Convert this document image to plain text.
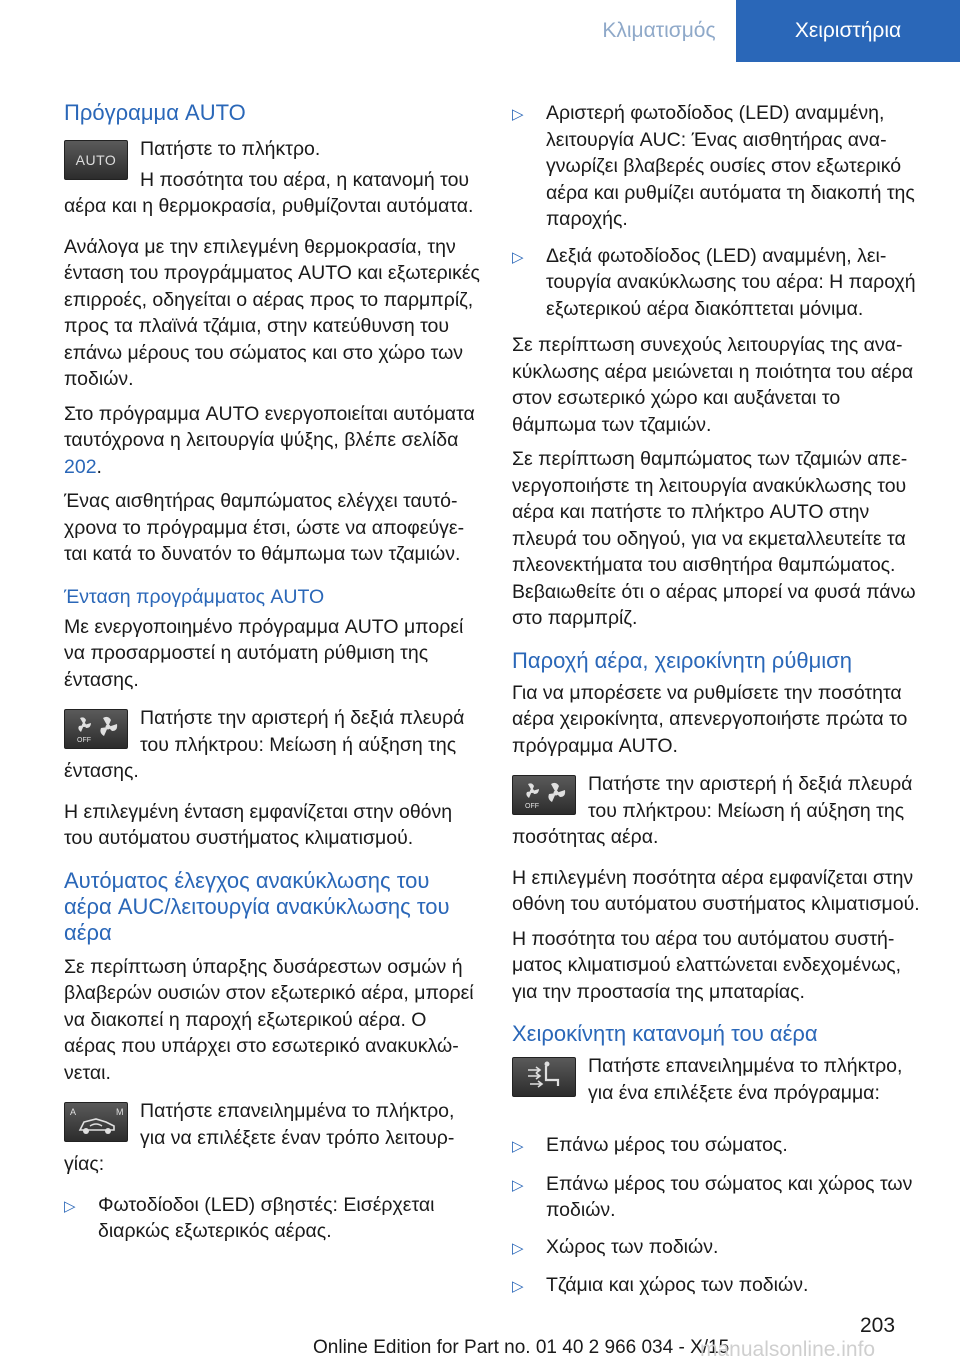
Κλιματισμός	Χειριστήρια
Πρόγραμμα AUTO
AUTO	Πατήστε το πλήκτρο.

Η ποσότητα του αέρα, η κατανομή του αέρα και η θερμοκρασία, ρυθμίζονται αυτόματα.

Ανάλογα με την επιλεγμένη θερμοκρασία, την ένταση του προγράμματος AUTO και εξωτερικές επιρροές, οδηγείται ο αέρας προς το παρμπρίζ, προς τα πλαϊνά τζάμια, στην κατεύθυνση του επάνω μέρους του σώματος και στο χώρο των ποδιών.

Στο πρόγραμμα AUTO ενεργοποιείται αυτόματα ταυτόχρονα η λειτουργία ψύξης, βλέπε σελίδα 202.

Ένας αισθητήρας θαμπώματος ελέγχει ταυτόχρονα το πρόγραμμα έτσι, ώστε να αποφεύγεται κατά το δυνατόν το θάμπωμα των τζαμιών.

Ένταση προγράμματος AUTO

Με ενεργοποιημένο πρόγραμμα AUTO μπορεί να προσαρμοστεί η αυτόματη ρύθμιση της έντασης.

OFF

Πατήστε την αριστερή ή δεξιά πλευρά του πλήκτρου: Μείωση ή αύξηση της έντασης.

Η επιλεγμένη ένταση εμφανίζεται στην οθόνη του αυτόματου συστήματος κλιματισμού.

Αυτόματος έλεγχος ανακύκλωσης του αέρα AUC/λειτουργία ανακύκλωσης του αέρα

Σε περίπτωση ύπαρξης δυσάρεστων οσμών ή βλαβερών ουσιών στον εξωτερικό αέρα, μπορεί να διακοπεί η παροχή εξωτερικού αέρα. Ο αέρας που υπάρχει στο εσωτερικό ανακυκλώνεται.

A	M Πατήστε επανειλημμένα το πλήκτρο, για να επιλέξετε έναν τρόπο λειτουργίας:

▷	Φωτοδίοδοι (LED) σβηστές: Εισέρχεται διαρκώς εξωτερικός αέρας.
▷	Αριστερή φωτοδίοδος (LED) αναμμένη, λειτουργία AUC: Ένας αισθητήρας αναγνωρίζει βλαβερές ουσίες στον εξωτερικό αέρα και ρυθμίζει αυτόματα τη διακοπή της παροχής.
▷	Δεξιά φωτοδίοδος (LED) αναμμένη, λειτουργία ανακύκλωσης του αέρα: Η παροχή εξωτερικού αέρα διακόπτεται μόνιμα.

Σε περίπτωση συνεχούς λειτουργίας της ανακύκλωσης αέρα μειώνεται η ποιότητα του αέρα στον εσωτερικό χώρο και αυξάνεται το θάμπωμα των τζαμιών.

Σε περίπτωση θαμπώματος των τζαμιών απενεργοποιήστε τη λειτουργία ανακύκλωσης του αέρα και πατήστε το πλήκτρο AUTO στην πλευρά του οδηγού, για να εκμεταλλευτείτε τα πλεονεκτήματα του αισθητήρα θαμπώματος. Βεβαιωθείτε ότι ο αέρας μπορεί να φυσά πάνω στο παρμπρίζ.

Παροχή αέρα, χειροκίνητη ρύθμιση

Για να μπορέσετε να ρυθμίσετε την ποσότητα αέρα χειροκίνητα, απενεργοποιήστε πρώτα το πρόγραμμα AUTO.

OFF

Πατήστε την αριστερή ή δεξιά πλευρά του πλήκτρου: Μείωση ή αύξηση της ποσότητας αέρα.

Η επιλεγμένη ποσότητα αέρα εμφανίζεται στην οθόνη του αυτόματου συστήματος κλιματισμού.

Η ποσότητα του αέρα του αυτόματου συστήματος κλιματισμού ελαττώνεται ενδεχομένως, για την προστασία της μπαταρίας.

Χειροκίνητη κατανομή του αέρα

Πατήστε επανειλημμένα το πλήκτρο, για ένα επιλέξετε ένα πρόγραμμα:

▷	Επάνω μέρος του σώματος.
▷	Επάνω μέρος του σώματος και χώρος των ποδιών.
▷	Χώρος των ποδιών.
▷	Τζάμια και χώρος των ποδιών.
203
Online Edition for Part no. 01 40 2 966 034 - X/15
manualsonline.info
